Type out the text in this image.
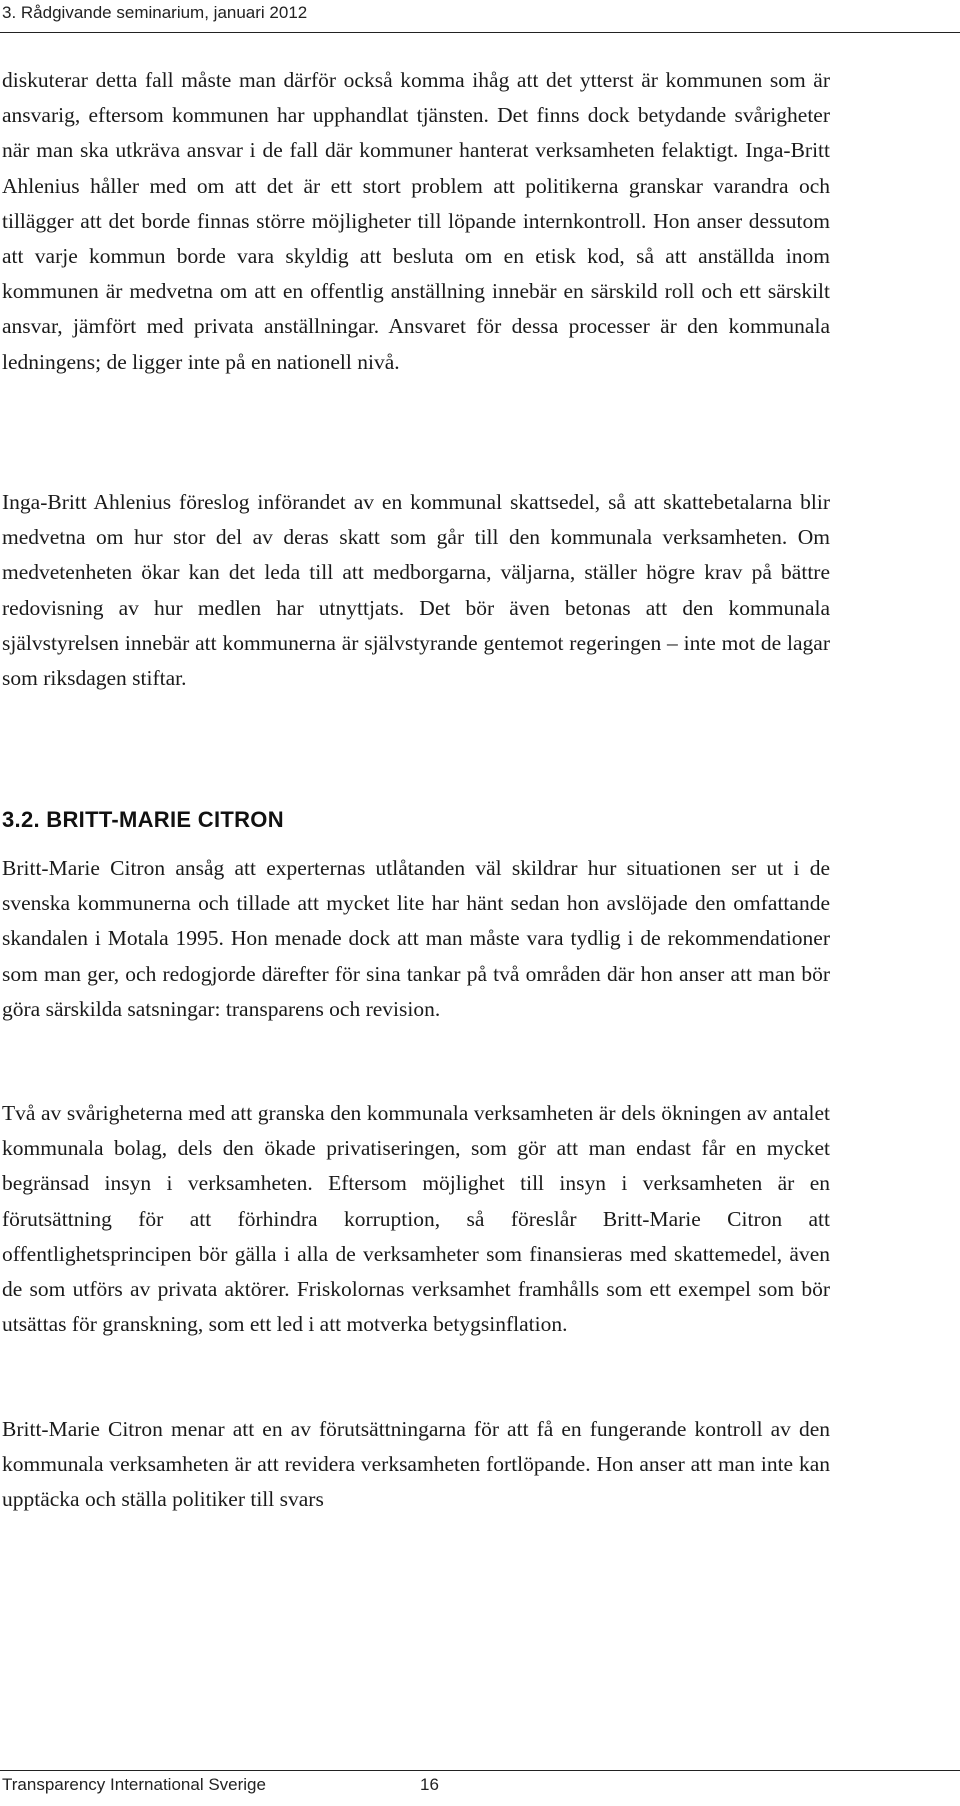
3. Rådgivande seminarium, januari 2012

diskuterar detta fall måste man därför också komma ihåg att det ytterst är kommunen som är ansvarig, eftersom kommunen har upphandlat tjänsten. Det finns dock betydande svårigheter när man ska utkräva ansvar i de fall där kommuner hanterat verksamheten felaktigt. Inga-Britt Ahlenius håller med om att det är ett stort problem att politikerna granskar varandra och tillägger att det borde finnas större möjligheter till löpande internkontroll. Hon anser dessutom att varje kommun borde vara skyldig att besluta om en etisk kod, så att anställda inom kommunen är medvetna om att en offentlig anställning innebär en särskild roll och ett särskilt ansvar, jämfört med privata anställningar. Ansvaret för dessa processer är den kommunala ledningens; de ligger inte på en nationell nivå.

Inga-Britt Ahlenius föreslog införandet av en kommunal skattsedel, så att skattebetalarna blir medvetna om hur stor del av deras skatt som går till den kommunala verksamheten. Om medvetenheten ökar kan det leda till att medborgarna, väljarna, ställer högre krav på bättre redovisning av hur medlen har utnyttjats. Det bör även betonas att den kommunala självstyrelsen innebär att kommunerna är självstyrande gentemot regeringen – inte mot de lagar som riksdagen stiftar.

3.2. BRITT-MARIE CITRON

Britt-Marie Citron ansåg att experternas utlåtanden väl skildrar hur situationen ser ut i de svenska kommunerna och tillade att mycket lite har hänt sedan hon avslöjade den omfattande skandalen i Motala 1995. Hon menade dock att man måste vara tydlig i de rekommendationer som man ger, och redogjorde därefter för sina tankar på två områden där hon anser att man bör göra särskilda satsningar: transparens och revision.

Två av svårigheterna med att granska den kommunala verksamheten är dels ökningen av antalet kommunala bolag, dels den ökade privatiseringen, som gör att man endast får en mycket begränsad insyn i verksamheten. Eftersom möjlighet till insyn i verksamheten är en förutsättning för att förhindra korruption, så föreslår Britt-Marie Citron att offentlighetsprincipen bör gälla i alla de verksamheter som finansieras med skattemedel, även de som utförs av privata aktörer. Friskolornas verksamhet framhålls som ett exempel som bör utsättas för granskning, som ett led i att motverka betygsinflation.

Britt-Marie Citron menar att en av förutsättningarna för att få en fungerande kontroll av den kommunala verksamheten är att revidera verksamheten fortlöpande. Hon anser att man inte kan upptäcka och ställa politiker till svars

Transparency International Sverige	16
